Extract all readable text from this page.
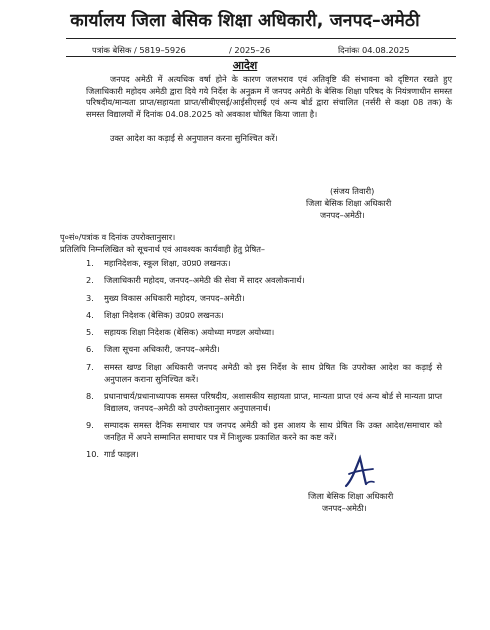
कार्यालय जिला बेसिक शिक्षा अधिकारी, जनपद–अमेठी
पत्रांक बेसिक / 5819–5926	/ 2025–26	दिनांकः 04.08.2025
आदेश

जनपद अमेठी में अत्यधिक वर्षा होने के कारण जलभराव एवं अतिवृष्टि की संभावना को दृष्टिगत रखते हुए जिलाधिकारी महोदय अमेठी द्वारा दिये गये निर्देश के अनुक्रम में जनपद अमेठी के बेसिक शिक्षा परिषद के नियंत्रणाधीन समस्त परिषदीय/मान्यता प्राप्त/सहायता प्राप्त/सीबीएसई/आईसीएसई एवं अन्य बोर्ड द्वारा संचालित (नर्सरी से कक्षा 08 तक) के समस्त विद्यालयों में दिनांक 04.08.2025 को अवकाश घोषित किया जाता है।

उक्त आदेश का कड़ाई से अनुपालन करना सुनिश्चित करें।

(संजय तिवारी)
जिला बेसिक शिक्षा अधिकारी
जनपद–अमेठी।
पृ०सं०/पत्रांक व दिनांक उपरोक्तानुसार।
प्रतिलिपि निम्नलिखित को सूचनार्थ एवं आवश्यक कार्यवाही हेतु प्रेषित–
1. महानिदेशक, स्कूल शिक्षा, उ0प्र0 लखनऊ।
2. जिलाधिकारी महोदय, जनपद–अमेठी की सेवा में सादर अवलोकनार्थ।
3. मुख्य विकास अधिकारी महोदय, जनपद–अमेठी।
4. शिक्षा निदेशक (बेसिक) उ0प्र0 लखनऊ।
5. सहायक शिक्षा निदेशक (बेसिक) अयोध्या मण्डल अयोध्या।
6. जिला सूचना अधिकारी, जनपद–अमेठी।
7. समस्त खण्ड शिक्षा अधिकारी जनपद अमेठी को इस निर्देश के साथ प्रेषित कि उपरोक्त आदेश का कड़ाई से अनुपालन कराना सुनिश्चित करें।
8. प्रधानाचार्य/प्रधानाध्यापक समस्त परिषदीय, अशासकीय सहायता प्राप्त, मान्यता प्राप्त एवं अन्य बोर्ड से मान्यता प्राप्त विद्यालय, जनपद–अमेठी को उपरोक्तानुसार अनुपालनार्थ।
9. सम्पादक समस्त दैनिक समाचार पत्र जनपद अमेठी को इस आशय के साथ प्रेषित कि उक्त आदेश/समाचार को जनहित में अपने सम्मानित समाचार पत्र में निःशुल्क प्रकाशित करने का कष्ट करें।
10. गार्ड फाइल।
जिला बेसिक शिक्षा अधिकारी
जनपद–अमेठी।
